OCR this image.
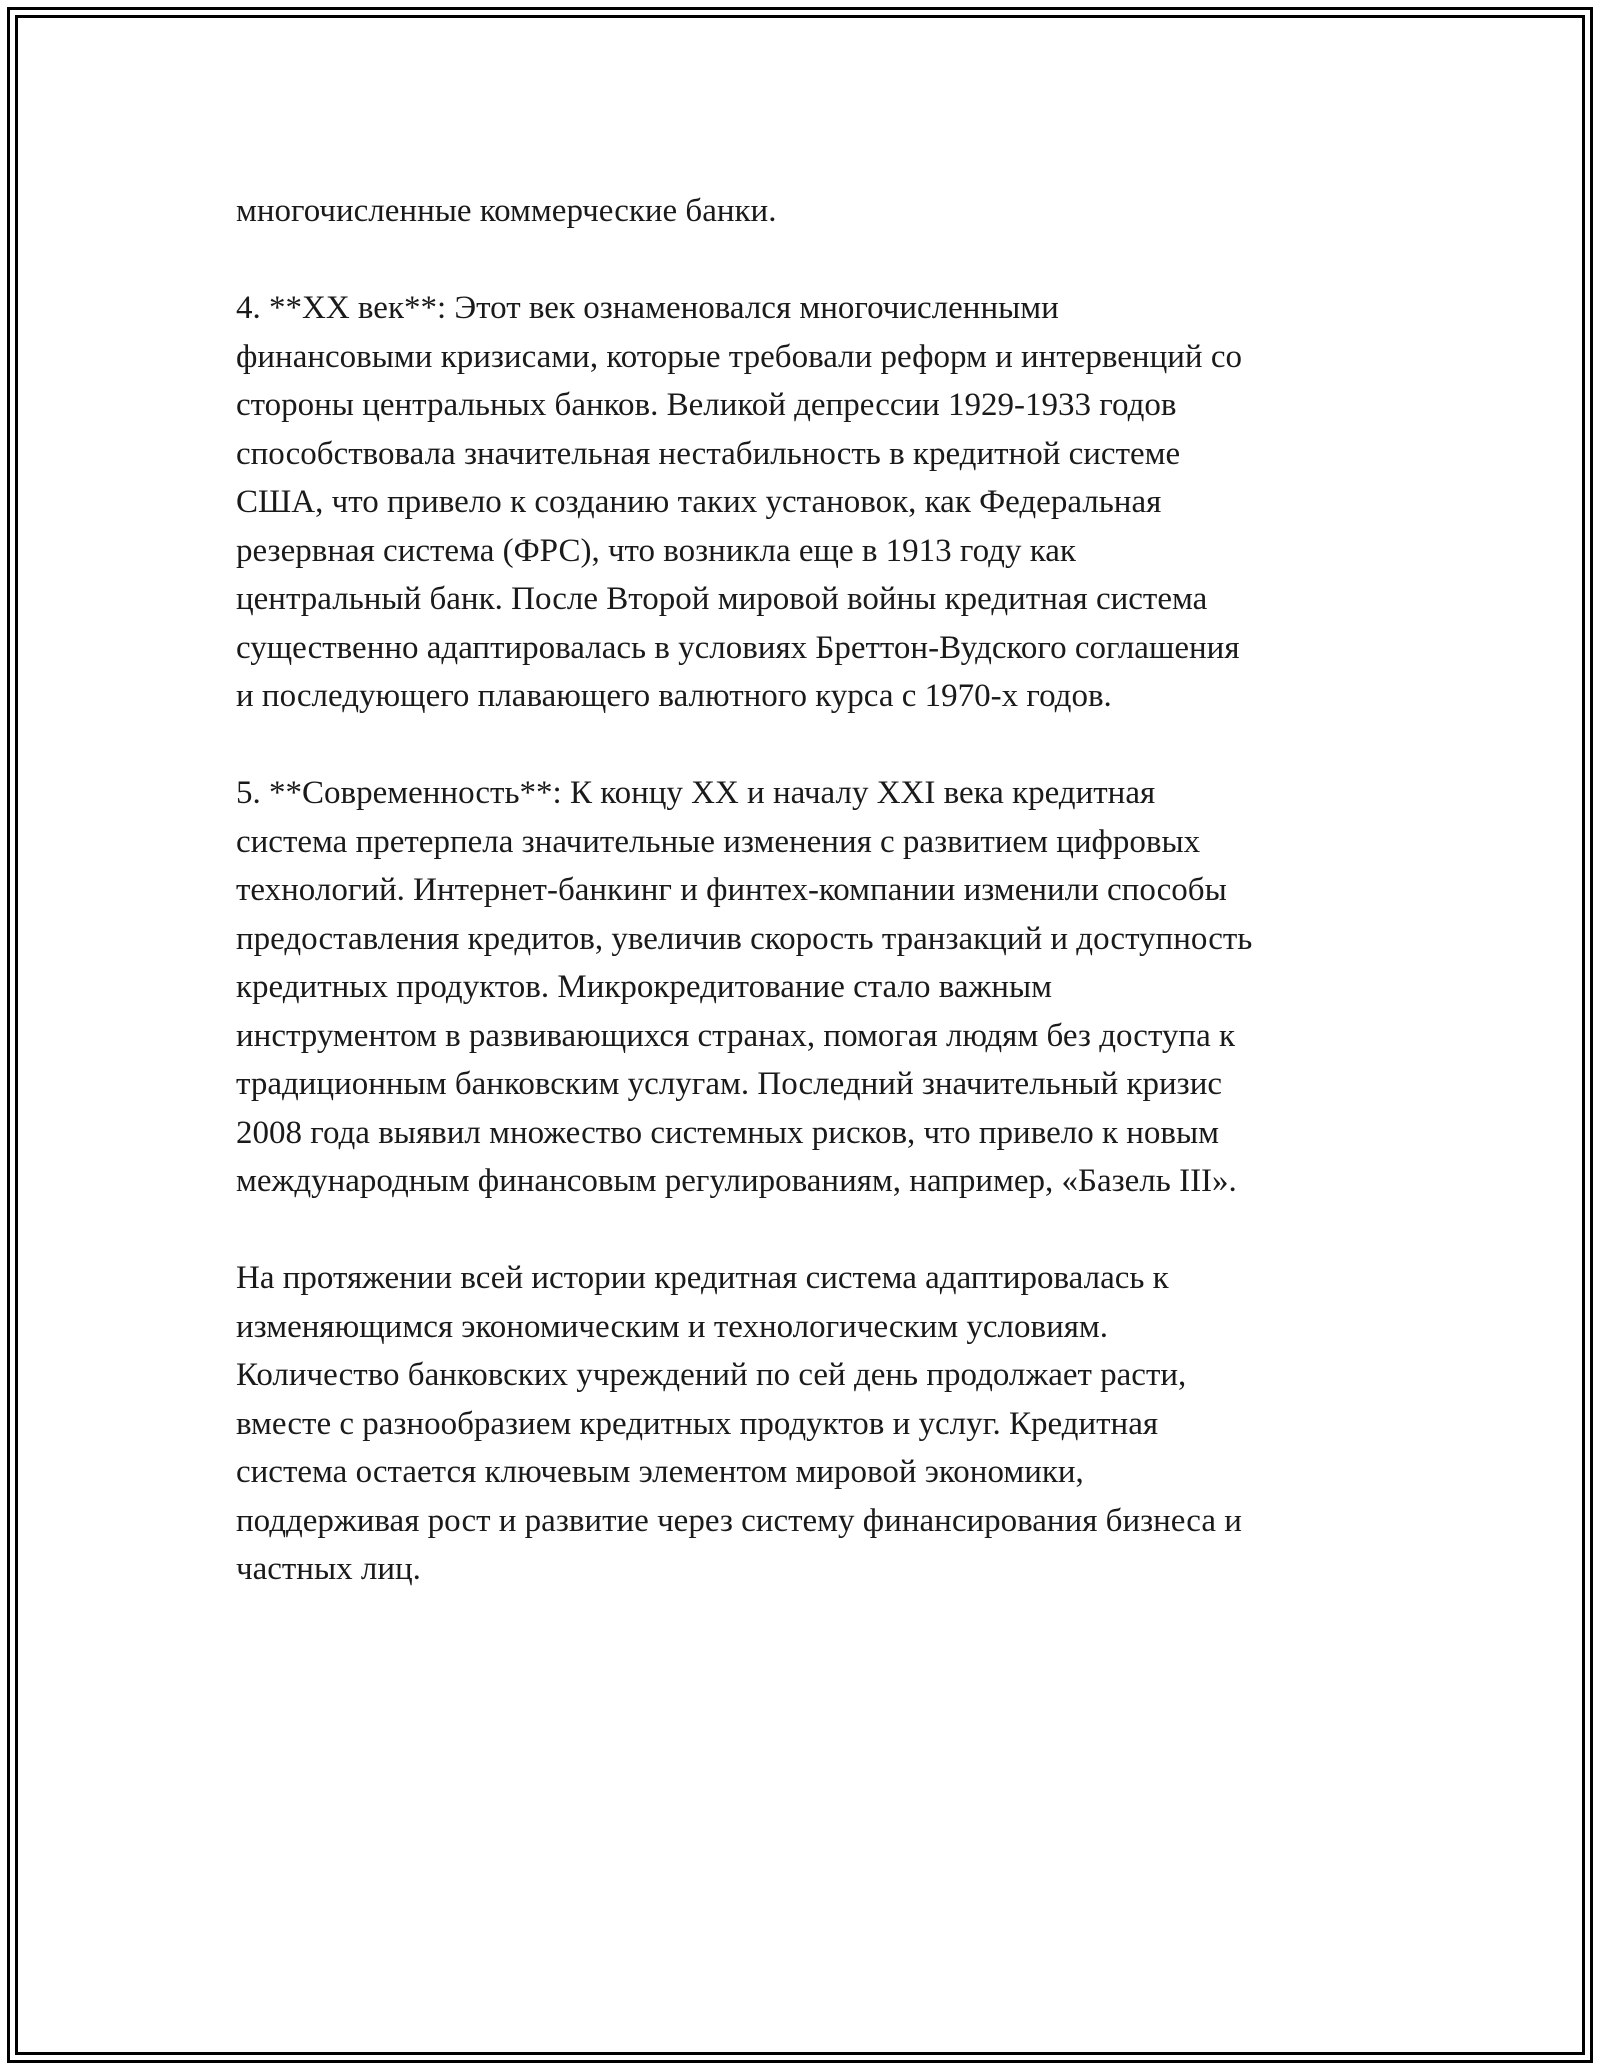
многочисленные коммерческие банки.

4. **XX век**: Этот век ознаменовался многочисленными
финансовыми кризисами, которые требовали реформ и интервенций со
стороны центральных банков. Великой депрессии 1929-1933 годов
способствовала значительная нестабильность в кредитной системе
США, что привело к созданию таких установок, как Федеральная
резервная система (ФРС), что возникла еще в 1913 году как
центральный банк. После Второй мировой войны кредитная система
существенно адаптировалась в условиях Бреттон-Вудского соглашения
и последующего плавающего валютного курса с 1970-х годов.

5. **Современность**: К концу XX и началу XXI века кредитная
система претерпела значительные изменения с развитием цифровых
технологий. Интернет-банкинг и финтех-компании изменили способы
предоставления кредитов, увеличив скорость транзакций и доступность
кредитных продуктов. Микрокредитование стало важным
инструментом в развивающихся странах, помогая людям без доступа к
традиционным банковским услугам. Последний значительный кризис
2008 года выявил множество системных рисков, что привело к новым
международным финансовым регулированиям, например, «Базель III».

На протяжении всей истории кредитная система адаптировалась к
изменяющимся экономическим и технологическим условиям.
Количество банковских учреждений по сей день продолжает расти,
вместе с разнообразием кредитных продуктов и услуг. Кредитная
система остается ключевым элементом мировой экономики,
поддерживая рост и развитие через систему финансирования бизнеса и
частных лиц.
